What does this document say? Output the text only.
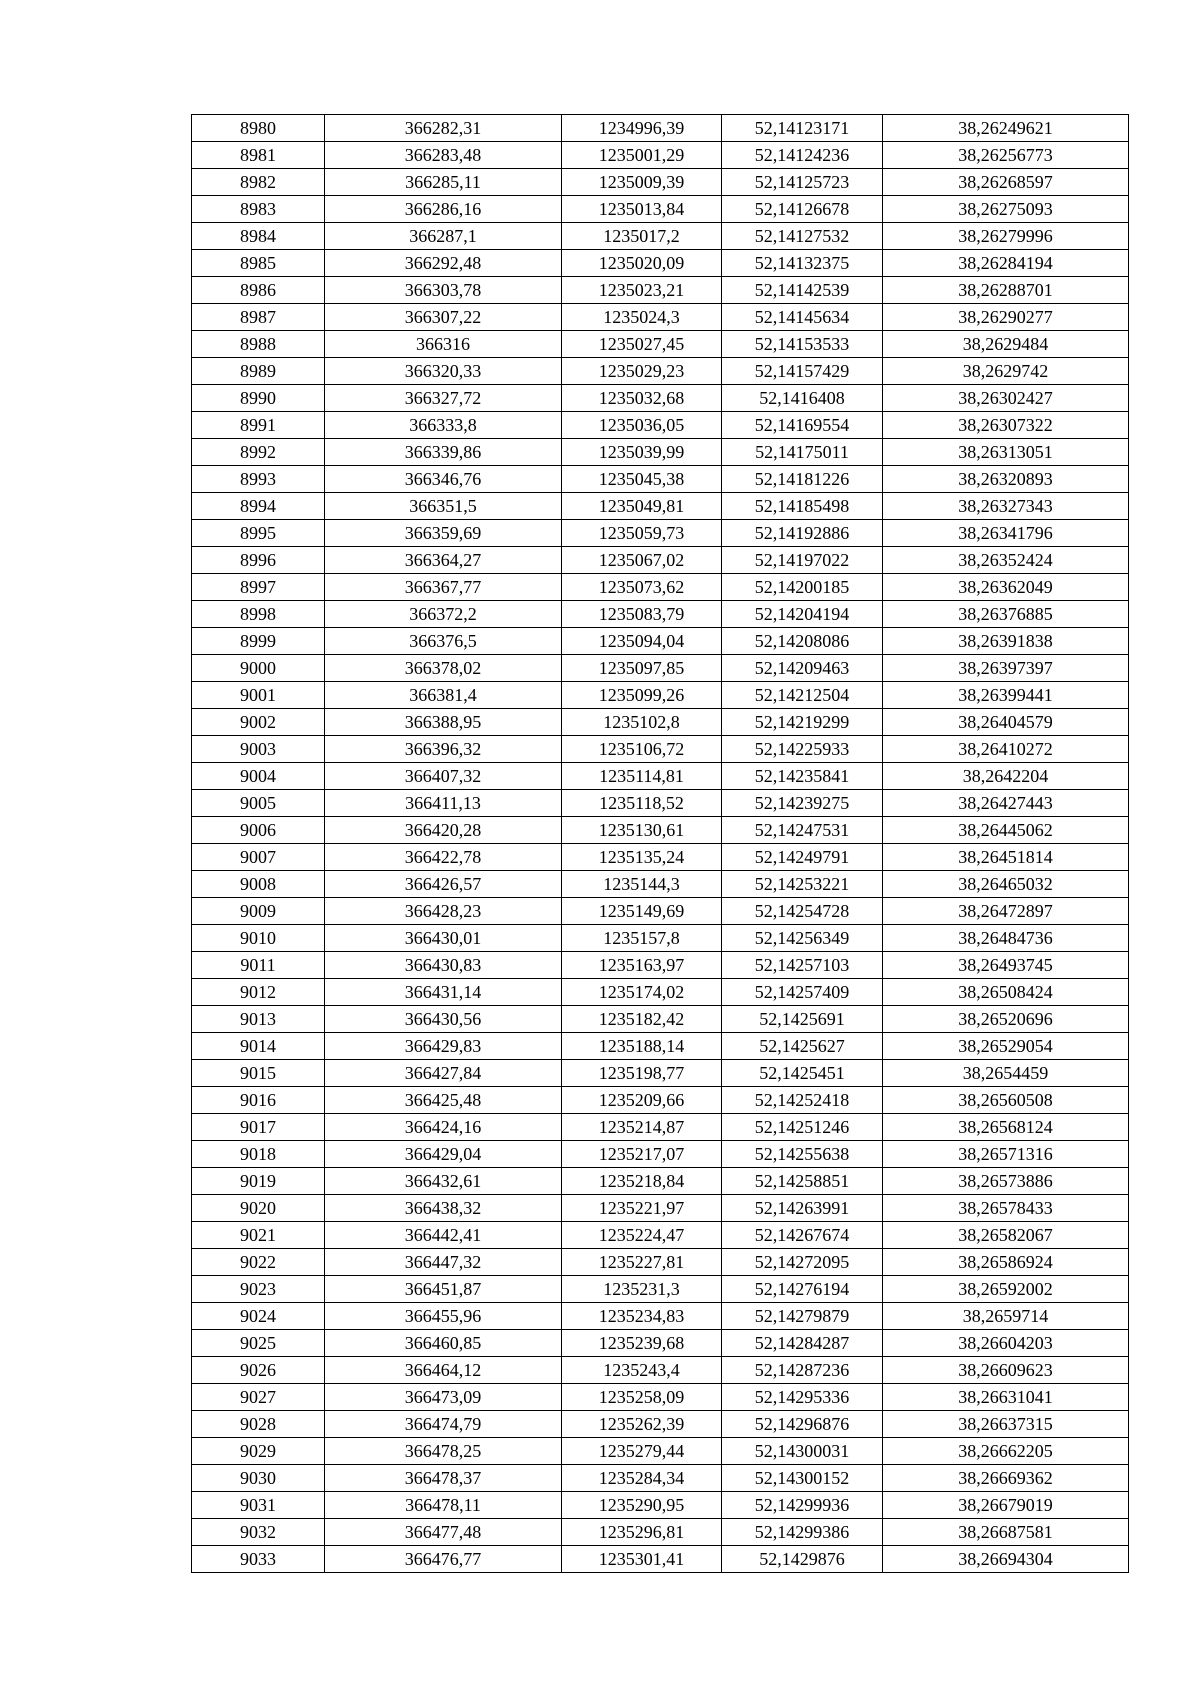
8980	366282,31	1234996,39	52,14123171	38,26249621
8981	366283,48	1235001,29	52,14124236	38,26256773
8982	366285,11	1235009,39	52,14125723	38,26268597
8983	366286,16	1235013,84	52,14126678	38,26275093
8984	366287,1	1235017,2	52,14127532	38,26279996
8985	366292,48	1235020,09	52,14132375	38,26284194
8986	366303,78	1235023,21	52,14142539	38,26288701
8987	366307,22	1235024,3	52,14145634	38,26290277
8988	366316	1235027,45	52,14153533	38,2629484
8989	366320,33	1235029,23	52,14157429	38,2629742
8990	366327,72	1235032,68	52,1416408	38,26302427
8991	366333,8	1235036,05	52,14169554	38,26307322
8992	366339,86	1235039,99	52,14175011	38,26313051
8993	366346,76	1235045,38	52,14181226	38,26320893
8994	366351,5	1235049,81	52,14185498	38,26327343
8995	366359,69	1235059,73	52,14192886	38,26341796
8996	366364,27	1235067,02	52,14197022	38,26352424
8997	366367,77	1235073,62	52,14200185	38,26362049
8998	366372,2	1235083,79	52,14204194	38,26376885
8999	366376,5	1235094,04	52,14208086	38,26391838
9000	366378,02	1235097,85	52,14209463	38,26397397
9001	366381,4	1235099,26	52,14212504	38,26399441
9002	366388,95	1235102,8	52,14219299	38,26404579
9003	366396,32	1235106,72	52,14225933	38,26410272
9004	366407,32	1235114,81	52,14235841	38,2642204
9005	366411,13	1235118,52	52,14239275	38,26427443
9006	366420,28	1235130,61	52,14247531	38,26445062
9007	366422,78	1235135,24	52,14249791	38,26451814
9008	366426,57	1235144,3	52,14253221	38,26465032
9009	366428,23	1235149,69	52,14254728	38,26472897
9010	366430,01	1235157,8	52,14256349	38,26484736
9011	366430,83	1235163,97	52,14257103	38,26493745
9012	366431,14	1235174,02	52,14257409	38,26508424
9013	366430,56	1235182,42	52,1425691	38,26520696
9014	366429,83	1235188,14	52,1425627	38,26529054
9015	366427,84	1235198,77	52,1425451	38,2654459
9016	366425,48	1235209,66	52,14252418	38,26560508
9017	366424,16	1235214,87	52,14251246	38,26568124
9018	366429,04	1235217,07	52,14255638	38,26571316
9019	366432,61	1235218,84	52,14258851	38,26573886
9020	366438,32	1235221,97	52,14263991	38,26578433
9021	366442,41	1235224,47	52,14267674	38,26582067
9022	366447,32	1235227,81	52,14272095	38,26586924
9023	366451,87	1235231,3	52,14276194	38,26592002
9024	366455,96	1235234,83	52,14279879	38,2659714
9025	366460,85	1235239,68	52,14284287	38,26604203
9026	366464,12	1235243,4	52,14287236	38,26609623
9027	366473,09	1235258,09	52,14295336	38,26631041
9028	366474,79	1235262,39	52,14296876	38,26637315
9029	366478,25	1235279,44	52,14300031	38,26662205
9030	366478,37	1235284,34	52,14300152	38,26669362
9031	366478,11	1235290,95	52,14299936	38,26679019
9032	366477,48	1235296,81	52,14299386	38,26687581
9033	366476,77	1235301,41	52,1429876	38,26694304
